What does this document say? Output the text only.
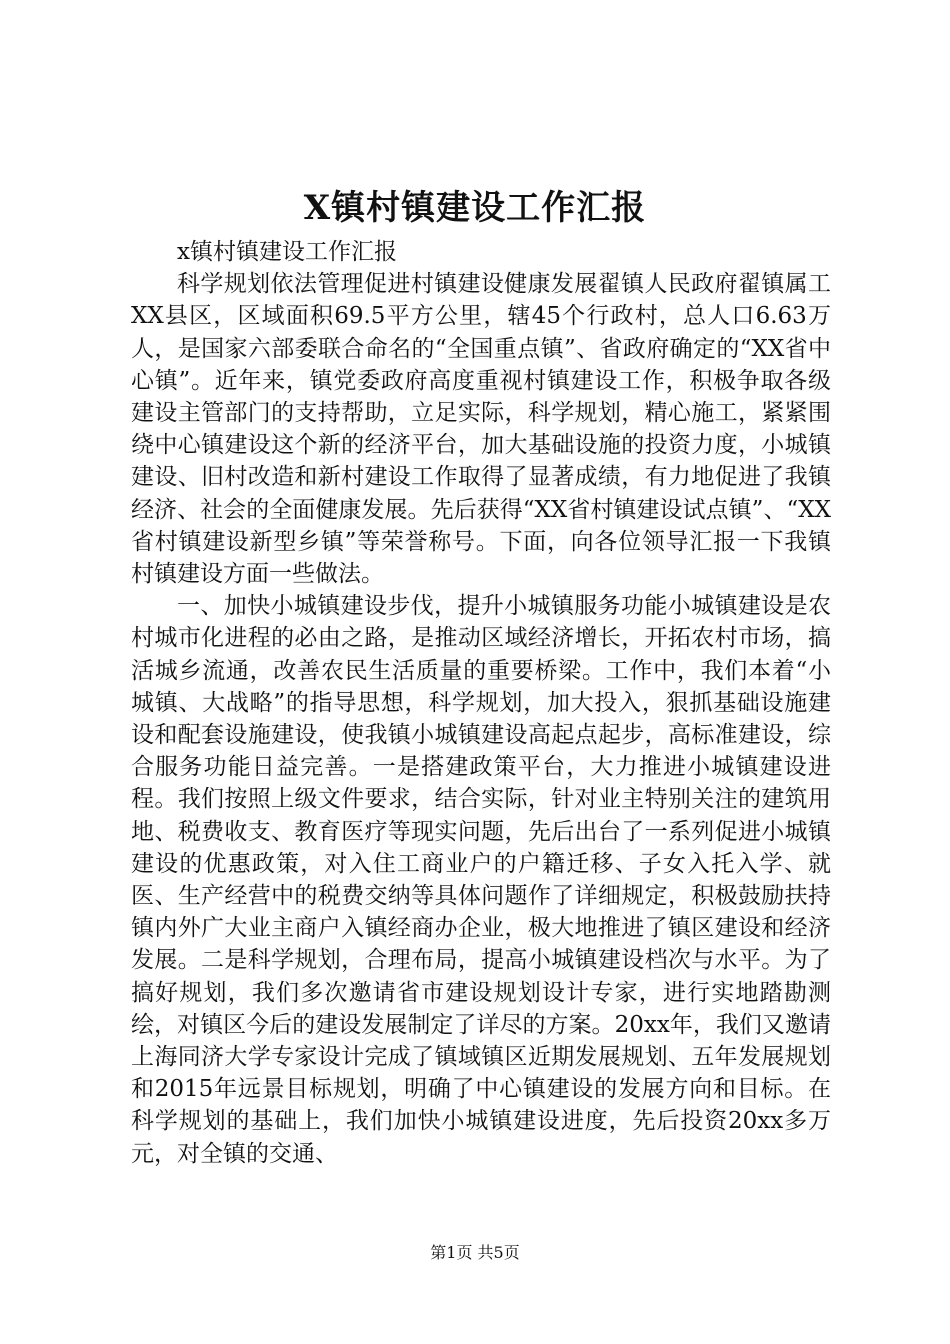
X镇村镇建设工作汇报

x镇村镇建设工作汇报

科学规划依法管理促进村镇建设健康发展翟镇人民政府翟镇属工XX县区，区域面积69.5平方公里，辖45个行政村，总人口6.63万人，是国家六部委联合命名的“全国重点镇”、省政府确定的“XX省中心镇”。近年来，镇党委政府高度重视村镇建设工作，积极争取各级建设主管部门的支持帮助，立足实际，科学规划，精心施工，紧紧围绕中心镇建设这个新的经济平台，加大基础设施的投资力度，小城镇建设、旧村改造和新村建设工作取得了显著成绩，有力地促进了我镇经济、社会的全面健康发展。先后获得“XX省村镇建设试点镇”、“XX省村镇建设新型乡镇”等荣誉称号。下面，向各位领导汇报一下我镇村镇建设方面一些做法。

一、加快小城镇建设步伐，提升小城镇服务功能小城镇建设是农村城市化进程的必由之路，是推动区域经济增长，开拓农村市场，搞活城乡流通，改善农民生活质量的重要桥梁。工作中，我们本着“小城镇、大战略”的指导思想，科学规划，加大投入，狠抓基础设施建设和配套设施建设，使我镇小城镇建设高起点起步，高标准建设，综合服务功能日益完善。一是搭建政策平台，大力推进小城镇建设进程。我们按照上级文件要求，结合实际，针对业主特别关注的建筑用地、税费收支、教育医疗等现实问题，先后出台了一系列促进小城镇建设的优惠政策，对入住工商业户的户籍迁移、子女入托入学、就医、生产经营中的税费交纳等具体问题作了详细规定，积极鼓励扶持镇内外广大业主商户入镇经商办企业，极大地推进了镇区建设和经济发展。二是科学规划，合理布局，提高小城镇建设档次与水平。为了搞好规划，我们多次邀请省市建设规划设计专家，进行实地踏勘测绘，对镇区今后的建设发展制定了详尽的方案。20xx年，我们又邀请上海同济大学专家设计完成了镇域镇区近期发展规划、五年发展规划和2015年远景目标规划，明确了中心镇建设的发展方向和目标。在科学规划的基础上，我们加快小城镇建设进度，先后投资20xx多万元，对全镇的交通、

第1页 共5页
